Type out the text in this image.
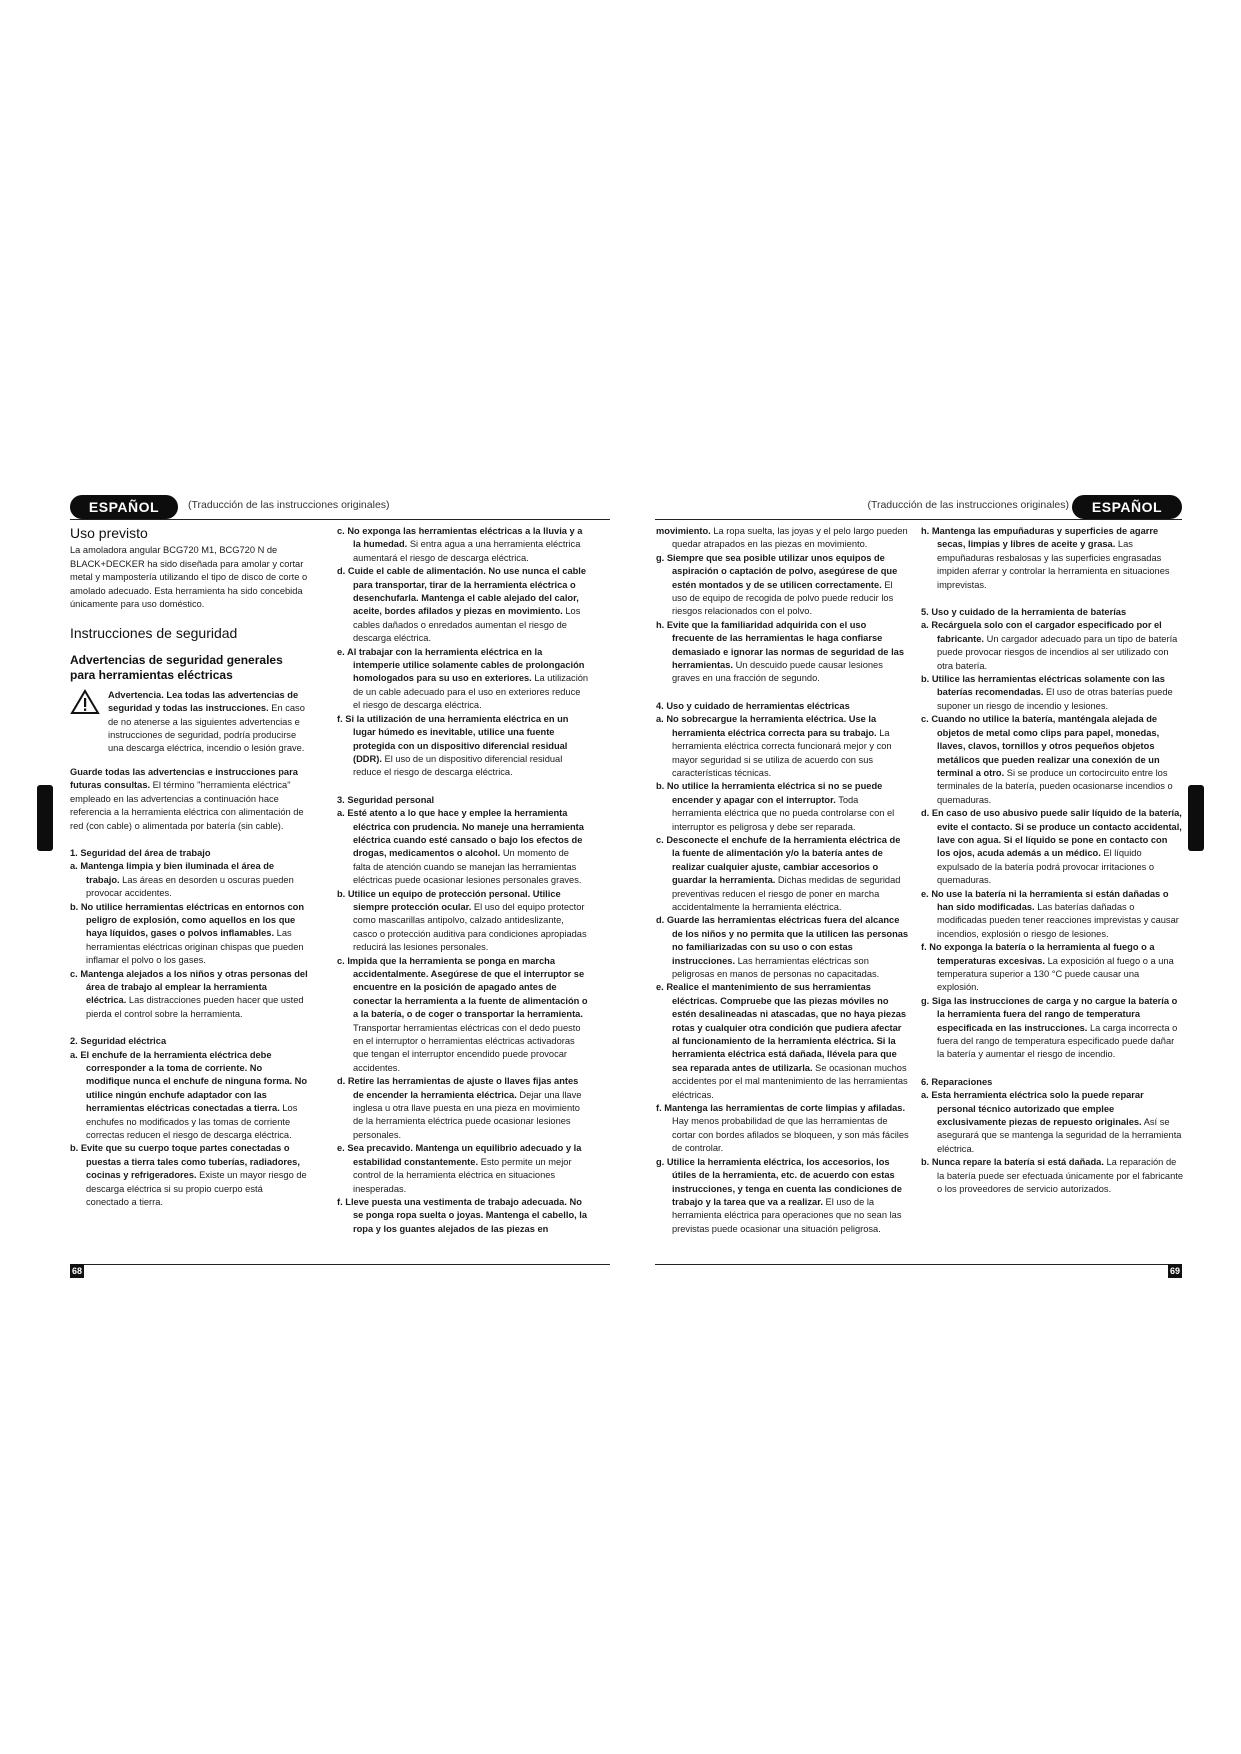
ESPAÑOL	(Traducción de las instrucciones originales)	(Traducción de las instrucciones originales)	ESPAÑOL
Uso previsto

La amoladora angular BCG720 M1, BCG720 N de BLACK+DECKER ha sido diseñada para amolar y cortar metal y mampostería utilizando el tipo de disco de corte o amolado adecuado. Esta herramienta ha sido concebida únicamente para uso doméstico.

Instrucciones de seguridad
Advertencias de seguridad generales para herramientas eléctricas

Advertencia. Lea todas las advertencias de seguridad y todas las instrucciones. En caso de no atenerse a las siguientes advertencias e instrucciones de seguridad, podría producirse una descarga eléctrica, incendio o lesión grave.

Guarde todas las advertencias e instrucciones para futuras consultas. El término "herramienta eléctrica" empleado en las advertencias a continuación hace referencia a la herramienta eléctrica con alimentación de red (con cable) o alimentada por batería (sin cable).

1. Seguridad del área de trabajo

a. Mantenga limpia y bien iluminada el área de trabajo. Las áreas en desorden u oscuras pueden provocar accidentes.

b. No utilice herramientas eléctricas en entornos con peligro de explosión, como aquellos en los que haya líquidos, gases o polvos inflamables. Las herramientas eléctricas originan chispas que pueden inflamar el polvo o los gases.

c. Mantenga alejados a los niños y otras personas del área de trabajo al emplear la herramienta eléctrica. Las distracciones pueden hacer que usted pierda el control sobre la herramienta.

2. Seguridad eléctrica

a. El enchufe de la herramienta eléctrica debe corresponder a la toma de corriente. No modifique nunca el enchufe de ninguna forma. No utilice ningún enchufe adaptador con las herramientas eléctricas conectadas a tierra. Los enchufes no modificados y las tomas de corriente correctas reducen el riesgo de descarga eléctrica.

b. Evite que su cuerpo toque partes conectadas o puestas a tierra tales como tuberías, radiadores, cocinas y refrigeradores. Existe un mayor riesgo de descarga eléctrica si su propio cuerpo está conectado a tierra.

c. No exponga las herramientas eléctricas a la lluvia y a la humedad. Si entra agua a una herramienta eléctrica aumentará el riesgo de descarga eléctrica.

d. Cuide el cable de alimentación. No use nunca el cable para transportar, tirar de la herramienta eléctrica o desenchufarla. Mantenga el cable alejado del calor, aceite, bordes afilados y piezas en movimiento. Los cables dañados o enredados aumentan el riesgo de descarga eléctrica.

e. Al trabajar con la herramienta eléctrica en la intemperie utilice solamente cables de prolongación homologados para su uso en exteriores. La utilización de un cable adecuado para el uso en exteriores reduce el riesgo de descarga eléctrica.

f. Si la utilización de una herramienta eléctrica en un lugar húmedo es inevitable, utilice una fuente protegida con un dispositivo diferencial residual (DDR). El uso de un dispositivo diferencial residual reduce el riesgo de descarga eléctrica.

3. Seguridad personal

a. Esté atento a lo que hace y emplee la herramienta eléctrica con prudencia. No maneje una herramienta eléctrica cuando esté cansado o bajo los efectos de drogas, medicamentos o alcohol. Un momento de falta de atención cuando se manejan las herramientas eléctricas puede ocasionar lesiones personales graves.

b. Utilice un equipo de protección personal. Utilice siempre protección ocular. El uso del equipo protector como mascarillas antipolvo, calzado antideslizante, casco o protección auditiva para condiciones apropiadas reducirá las lesiones personales.

c. Impida que la herramienta se ponga en marcha accidentalmente. Asegúrese de que el interruptor se encuentre en la posición de apagado antes de conectar la herramienta a la fuente de alimentación o a la batería, o de coger o transportar la herramienta. Transportar herramientas eléctricas con el dedo puesto en el interruptor o herramientas eléctricas activadoras que tengan el interruptor encendido puede provocar accidentes.

d. Retire las herramientas de ajuste o llaves fijas antes de encender la herramienta eléctrica. Dejar una llave inglesa u otra llave puesta en una pieza en movimiento de la herramienta eléctrica puede ocasionar lesiones personales.

e. Sea precavido. Mantenga un equilibrio adecuado y la estabilidad constantemente. Esto permite un mejor control de la herramienta eléctrica en situaciones inesperadas.

f. Lleve puesta una vestimenta de trabajo adecuada. No se ponga ropa suelta o joyas. Mantenga el cabello, la ropa y los guantes alejados de las piezas en

movimiento. La ropa suelta, las joyas y el pelo largo pueden quedar atrapados en las piezas en movimiento.

g. Siempre que sea posible utilizar unos equipos de aspiración o captación de polvo, asegúrese de que estén montados y de se utilicen correctamente. El uso de equipo de recogida de polvo puede reducir los riesgos relacionados con el polvo.

h. Evite que la familiaridad adquirida con el uso frecuente de las herramientas le haga confiarse demasiado e ignorar las normas de seguridad de las herramientas. Un descuido puede causar lesiones graves en una fracción de segundo.

4. Uso y cuidado de herramientas eléctricas

a. No sobrecargue la herramienta eléctrica. Use la herramienta eléctrica correcta para su trabajo. La herramienta eléctrica correcta funcionará mejor y con mayor seguridad si se utiliza de acuerdo con sus características técnicas.

b. No utilice la herramienta eléctrica si no se puede encender y apagar con el interruptor. Toda herramienta eléctrica que no pueda controlarse con el interruptor es peligrosa y debe ser reparada.

c. Desconecte el enchufe de la herramienta eléctrica de la fuente de alimentación y/o la batería antes de realizar cualquier ajuste, cambiar accesorios o guardar la herramienta. Dichas medidas de seguridad preventivas reducen el riesgo de poner en marcha accidentalmente la herramienta eléctrica.

d. Guarde las herramientas eléctricas fuera del alcance de los niños y no permita que la utilicen las personas no familiarizadas con su uso o con estas instrucciones. Las herramientas eléctricas son peligrosas en manos de personas no capacitadas.

e. Realice el mantenimiento de sus herramientas eléctricas. Compruebe que las piezas móviles no estén desalineadas ni atascadas, que no haya piezas rotas y cualquier otra condición que pudiera afectar al funcionamiento de la herramienta eléctrica. Si la herramienta eléctrica está dañada, llévela para que sea reparada antes de utilizarla. Se ocasionan muchos accidentes por el mal mantenimiento de las herramientas eléctricas.

f. Mantenga las herramientas de corte limpias y afiladas. Hay menos probabilidad de que las herramientas de cortar con bordes afilados se bloqueen, y son más fáciles de controlar.

g. Utilice la herramienta eléctrica, los accesorios, los útiles de la herramienta, etc. de acuerdo con estas instrucciones, y tenga en cuenta las condiciones de trabajo y la tarea que va a realizar. El uso de la herramienta eléctrica para operaciones que no sean las previstas puede ocasionar una situación peligrosa.

h. Mantenga las empuñaduras y superficies de agarre secas, limpias y libres de aceite y grasa. Las empuñaduras resbalosas y las superficies engrasadas impiden aferrar y controlar la herramienta en situaciones imprevistas.

5. Uso y cuidado de la herramienta de baterías

a. Recárguela solo con el cargador especificado por el fabricante. Un cargador adecuado para un tipo de batería puede provocar riesgos de incendios al ser utilizado con otra batería.

b. Utilice las herramientas eléctricas solamente con las baterías recomendadas. El uso de otras baterías puede suponer un riesgo de incendio y lesiones.

c. Cuando no utilice la batería, manténgala alejada de objetos de metal como clips para papel, monedas, llaves, clavos, tornillos y otros pequeños objetos metálicos que pueden realizar una conexión de un terminal a otro. Si se produce un cortocircuito entre los terminales de la batería, pueden ocasionarse incendios o quemaduras.

d. En caso de uso abusivo puede salir líquido de la batería, evite el contacto. Si se produce un contacto accidental, lave con agua. Si el líquido se pone en contacto con los ojos, acuda además a un médico. El líquido expulsado de la batería podrá provocar irritaciones o quemaduras.

e. No use la batería ni la herramienta si están dañadas o han sido modificadas. Las baterías dañadas o modificadas pueden tener reacciones imprevistas y causar incendios, explosión o riesgo de lesiones.

f. No exponga la batería o la herramienta al fuego o a temperaturas excesivas. La exposición al fuego o a una temperatura superior a 130 °C puede causar una explosión.

g. Siga las instrucciones de carga y no cargue la batería o la herramienta fuera del rango de temperatura especificada en las instrucciones. La carga incorrecta o fuera del rango de temperatura especificado puede dañar la batería y aumentar el riesgo de incendio.

6. Reparaciones

a. Esta herramienta eléctrica solo la puede reparar personal técnico autorizado que emplee exclusivamente piezas de repuesto originales. Así se asegurará que se mantenga la seguridad de la herramienta eléctrica.

b. Nunca repare la batería si está dañada. La reparación de la batería puede ser efectuada únicamente por el fabricante o los proveedores de servicio autorizados.

68	69
